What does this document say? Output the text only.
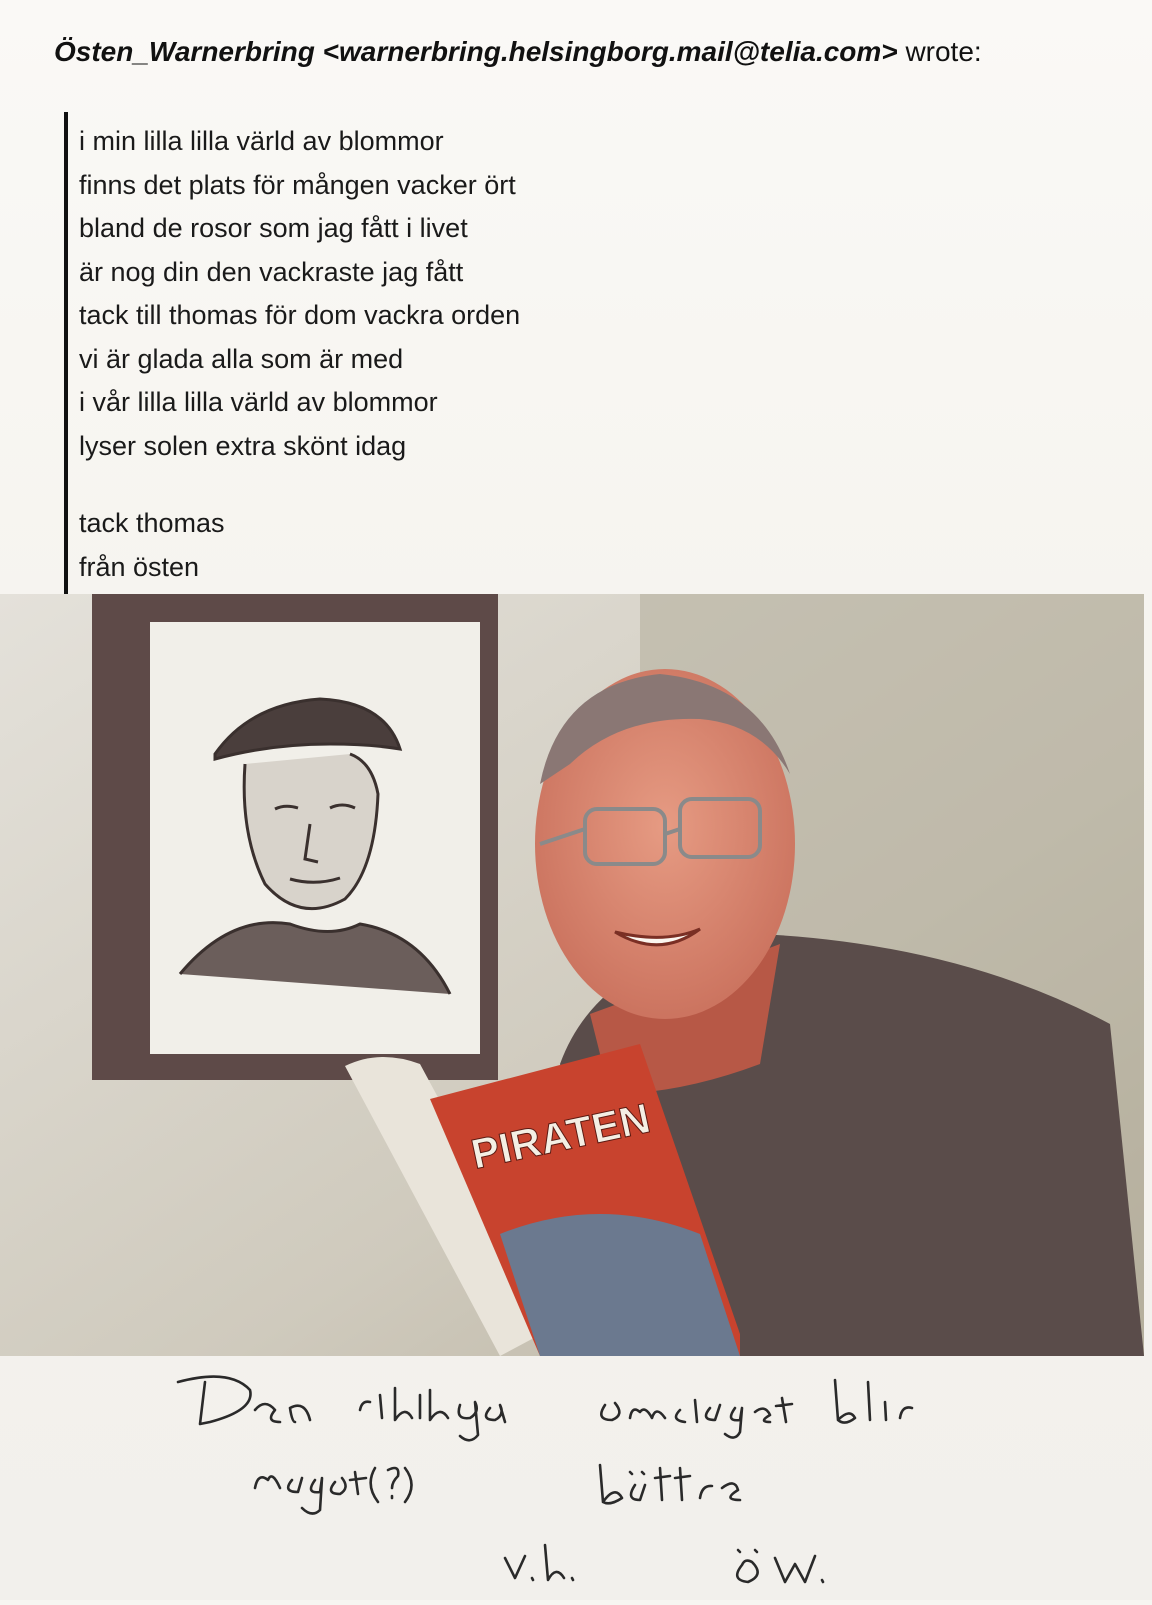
Östen_Warnerbring <warnerbring.helsingborg.mail@telia.com> wrote:
i min lilla lilla värld av blommor
finns det plats för mången vacker ört
bland de rosor som jag fått i livet
är nog din den vackraste jag fått
tack till thomas för dom vackra orden
vi är glada alla som är med
i vår lilla lilla värld av blommor
lyser solen extra skönt idag
tack thomas
från östen
PIRATEN
